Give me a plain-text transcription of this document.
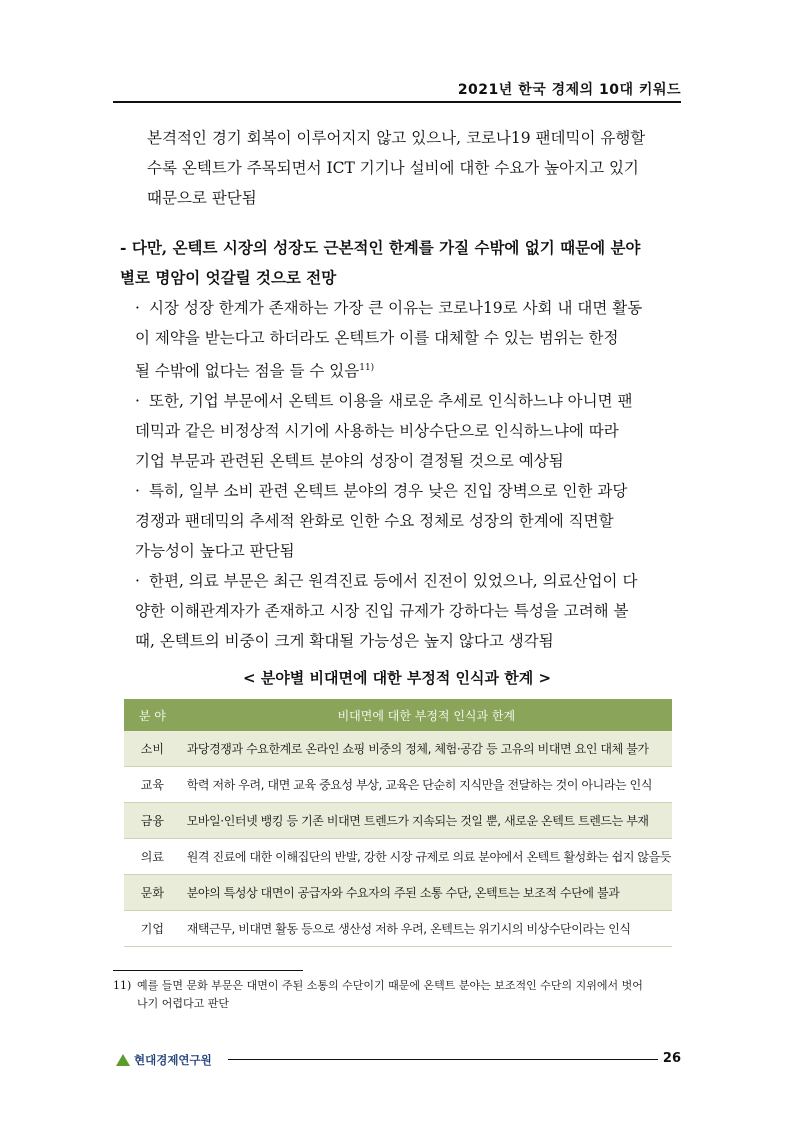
2021년 한국 경제의 10대 키워드
본격적인 경기 회복이 이루어지지 않고 있으나, 코로나19 팬데믹이 유행할
수록 온텍트가 주목되면서 ICT 기기나 설비에 대한 수요가 높아지고 있기
때문으로 판단됨
- 다만, 온텍트 시장의 성장도 근본적인 한계를 가질 수밖에 없기 때문에 분야
별로 명암이 엇갈릴 것으로 전망
· 시장 성장 한계가 존재하는 가장 큰 이유는 코로나19로 사회 내 대면 활동
이 제약을 받는다고 하더라도 온텍트가 이를 대체할 수 있는 범위는 한정
될 수밖에 없다는 점을 들 수 있음$^{11)}$
· 또한, 기업 부문에서 온텍트 이용을 새로운 추세로 인식하느냐 아니면 팬
데믹과 같은 비정상적 시기에 사용하는 비상수단으로 인식하느냐에 따라
기업 부문과 관련된 온텍트 분야의 성장이 결정될 것으로 예상됨
· 특히, 일부 소비 관련 온텍트 분야의 경우 낮은 진입 장벽으로 인한 과당
경쟁과 팬데믹의 추세적 완화로 인한 수요 정체로 성장의 한계에 직면할
가능성이 높다고 판단됨
· 한편, 의료 부문은 최근 원격진료 등에서 진전이 있었으나, 의료산업이 다
양한 이해관계자가 존재하고 시장 진입 규제가 강하다는 특성을 고려해 볼
때, 온텍트의 비중이 크게 확대될 가능성은 높지 않다고 생각됨
< 분야별 비대면에 대한 부정적 인식과 한계 >
분 야	비대면에 대한 부정적 인식과 한계
소비	과당경쟁과 수요한계로 온라인 쇼핑 비중의 정체, 체험·공감 등 고유의 비대면 요인 대체 불가
교육	학력 저하 우려, 대면 교육 중요성 부상, 교육은 단순히 지식만을 전달하는 것이 아니라는 인식
금융	모바일·인터넷 뱅킹 등 기존 비대면 트렌드가 지속되는 것일 뿐, 새로운 온텍트 트렌드는 부재
의료	원격 진료에 대한 이해집단의 반발, 강한 시장 규제로 의료 분야에서 온텍트 활성화는 쉽지 않을듯
문화	분야의 특성상 대면이 공급자와 수요자의 주된 소통 수단, 온텍트는 보조적 수단에 불과
기업	재택근무, 비대면 활동 등으로 생산성 저하 우려, 온텍트는 위기시의 비상수단이라는 인식
11) 예를 들면 문화 부문은 대면이 주된 소통의 수단이기 때문에 온텍트 분야는 보조적인 수단의 지위에서 벗어
나기 어렵다고 판단
현대경제연구원	26
